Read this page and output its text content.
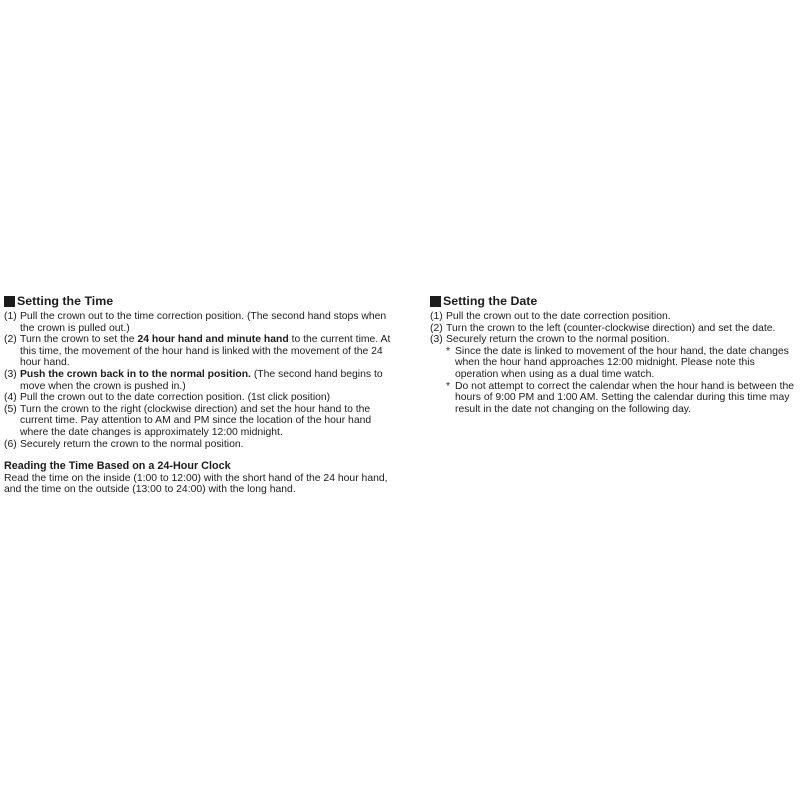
Setting the Time
(1) Pull the crown out to the time correction position. (The second hand stops when the crown is pulled out.)
(2) Turn the crown to set the 24 hour hand and minute hand to the current time. At this time, the movement of the hour hand is linked with the movement of the 24 hour hand.
(3) Push the crown back in to the normal position. (The second hand begins to move when the crown is pushed in.)
(4) Pull the crown out to the date correction position. (1st click position)
(5) Turn the crown to the right (clockwise direction) and set the hour hand to the current time. Pay attention to AM and PM since the location of the hour hand where the date changes is approximately 12:00 midnight.
(6) Securely return the crown to the normal position.
Reading the Time Based on a 24-Hour Clock

Read the time on the inside (1:00 to 12:00) with the short hand of the 24 hour hand, and the time on the outside (13:00 to 24:00) with the long hand.

Setting the Date
(1) Pull the crown out to the date correction position.
(2) Turn the crown to the left (counter-clockwise direction) and set the date.
(3) Securely return the crown to the normal position.
* Since the date is linked to movement of the hour hand, the date changes when the hour hand approaches 12:00 midnight. Please note this operation when using as a dual time watch.
* Do not attempt to correct the calendar when the hour hand is between the hours of 9:00 PM and 1:00 AM. Setting the calendar during this time may result in the date not changing on the following day.
